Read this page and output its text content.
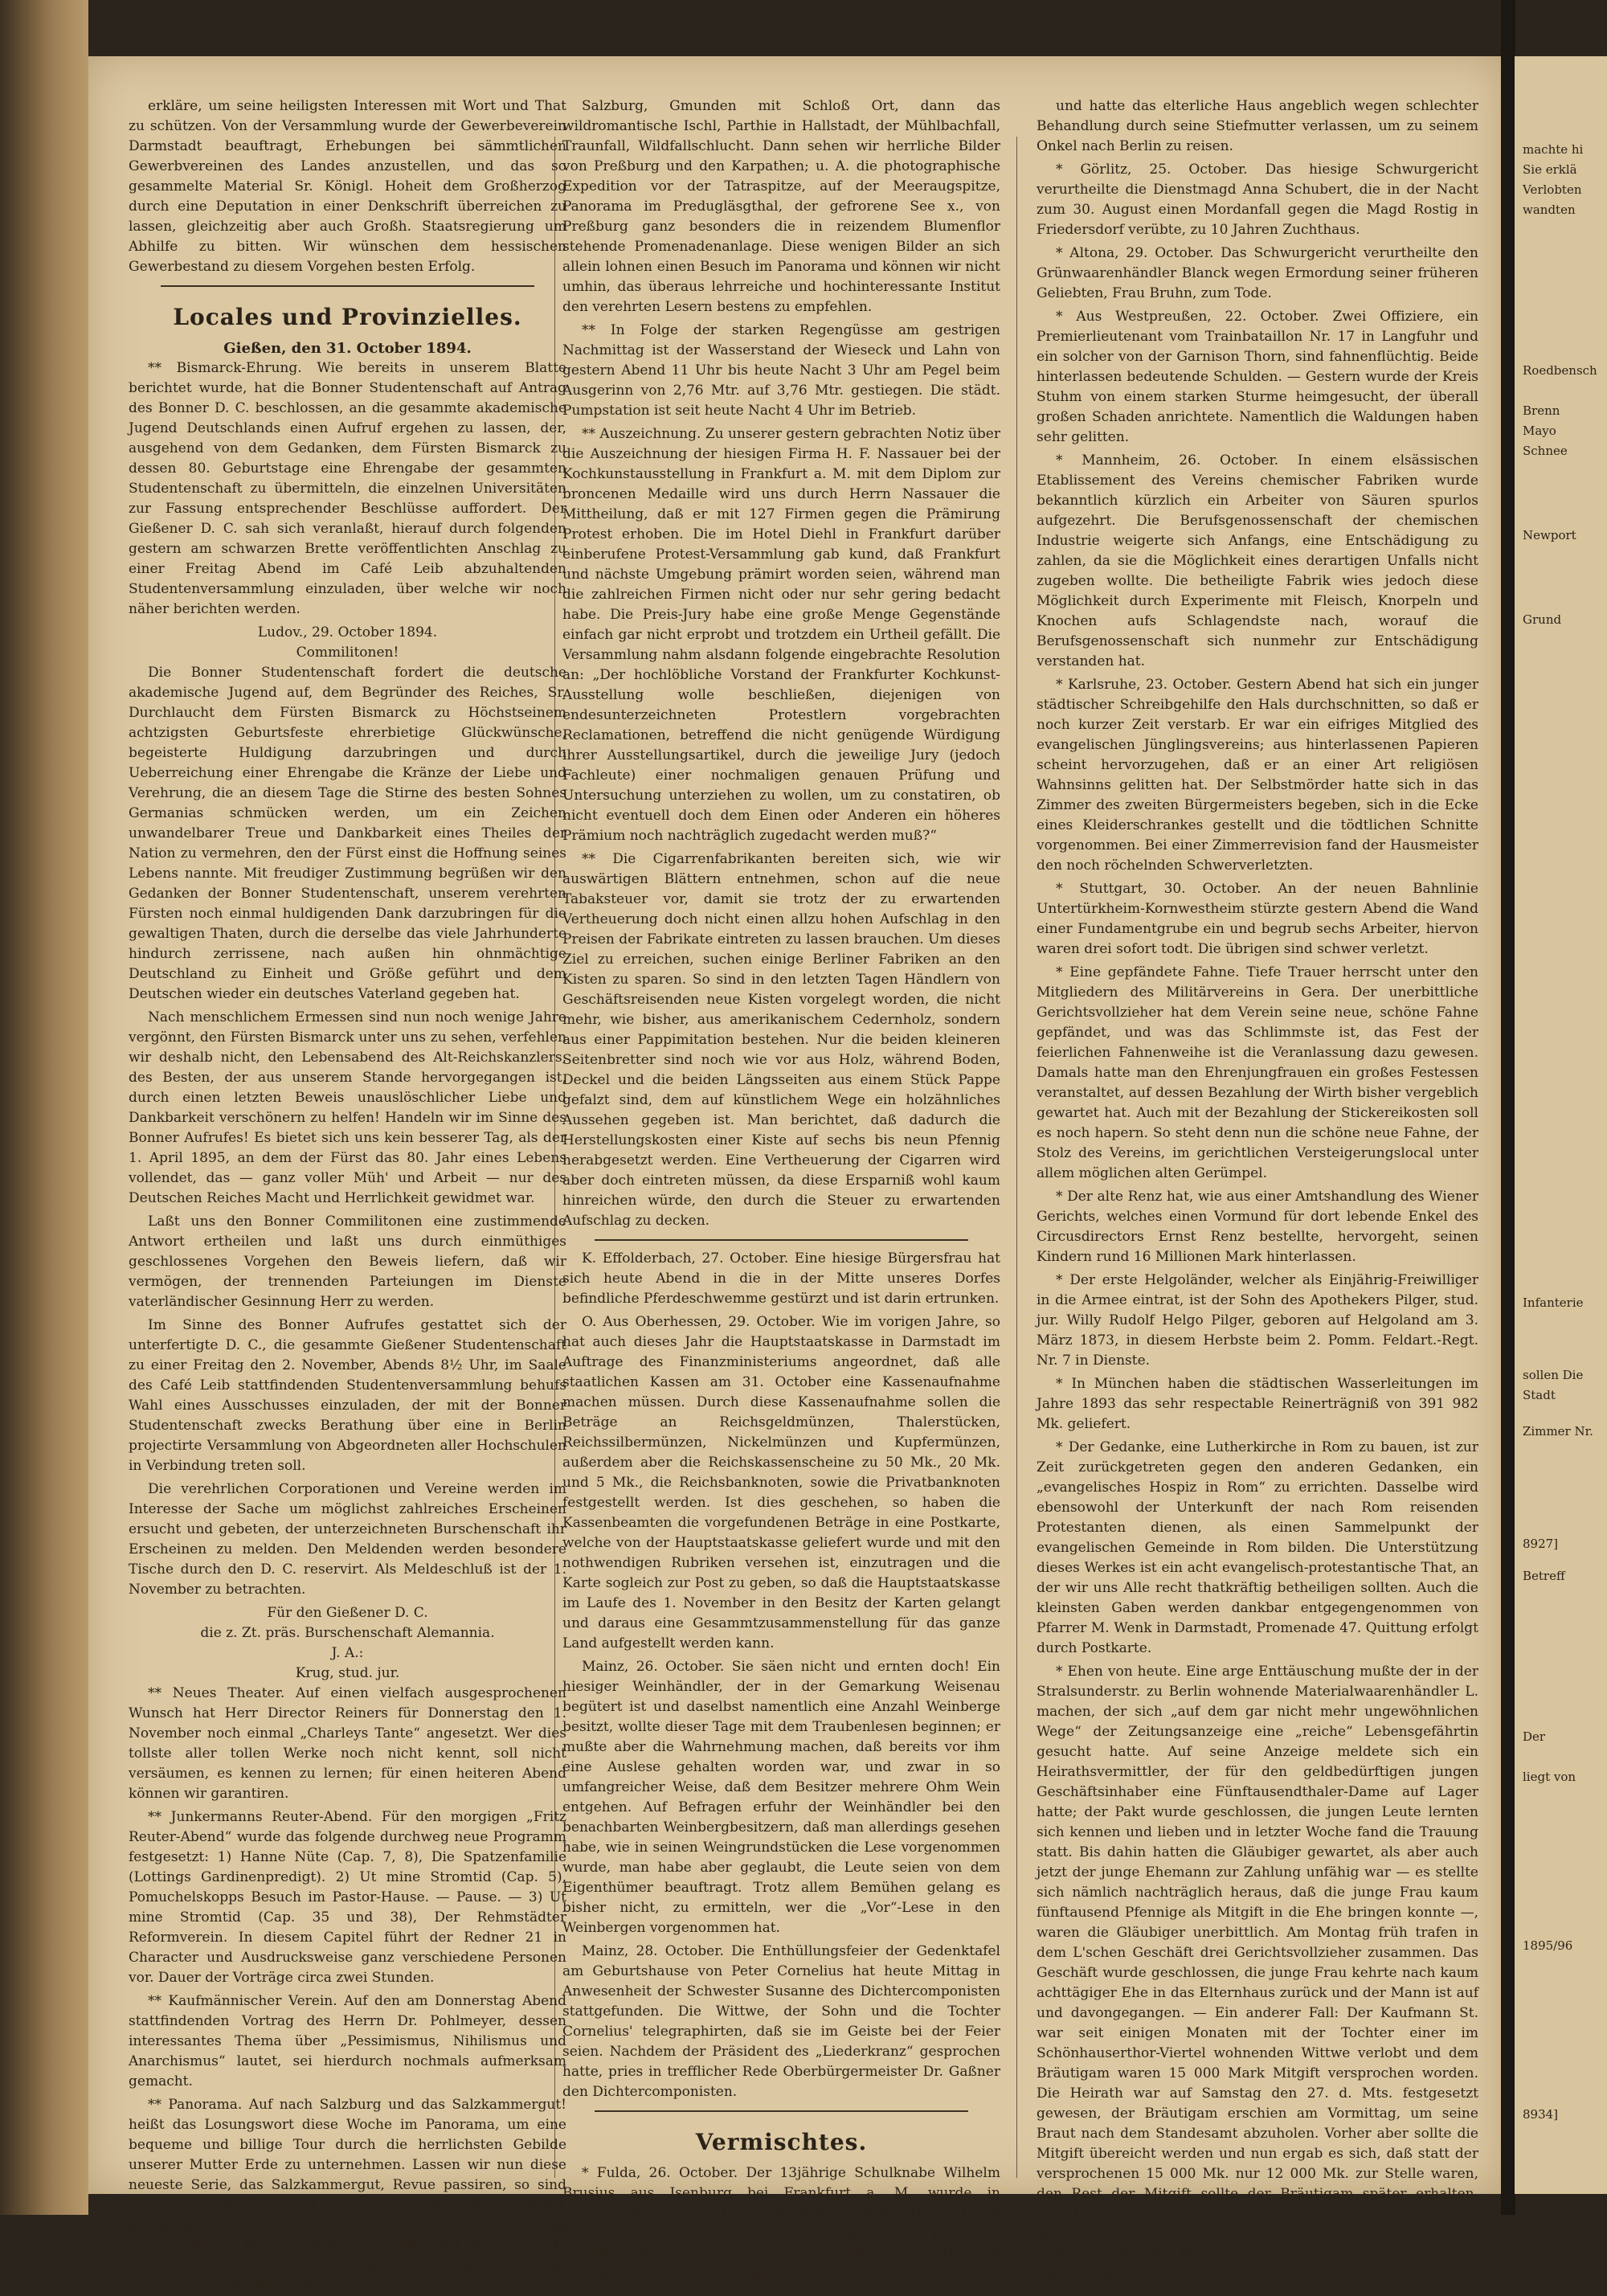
erkläre, um seine heiligsten Interessen mit Wort und That zu schützen. Von der Versammlung wurde der Gewerbeverein Darmstadt beauftragt, Erhebungen bei sämmtlichen Gewerbvereinen des Landes anzustellen, und das so gesammelte Material Sr. Königl. Hoheit dem Großherzog durch eine Deputation in einer Denkschrift überreichen zu lassen, gleichzeitig aber auch Großh. Staatsregierung um Abhilfe zu bitten. Wir wünschen dem hessischen Gewerbestand zu diesem Vorgehen besten Erfolg.

Locales und Provinzielles.
Gießen, den 31. October 1894.

** Bismarck-Ehrung. Wie bereits in unserem Blatte berichtet wurde, hat die Bonner Studentenschaft auf Antrag des Bonner D. C. beschlossen, an die gesammte akademische Jugend Deutschlands einen Aufruf ergehen zu lassen, der, ausgehend von dem Gedanken, dem Fürsten Bismarck zu dessen 80. Geburtstage eine Ehrengabe der gesammten Studentenschaft zu übermitteln, die einzelnen Universitäten zur Fassung entsprechender Beschlüsse auffordert. Der Gießener D. C. sah sich veranlaßt, hierauf durch folgenden gestern am schwarzen Brette veröffentlichten Anschlag zu einer Freitag Abend im Café Leib abzuhaltenden Studentenversammlung einzuladen, über welche wir noch näher berichten werden.

Ludov., 29. October 1894.
Commilitonen!

Die Bonner Studentenschaft fordert die deutsche akademische Jugend auf, dem Begründer des Reiches, Sr. Durchlaucht dem Fürsten Bismarck zu Höchstseinem achtzigsten Geburtsfeste ehrerbietige Glückwünsche, begeisterte Huldigung darzubringen und durch Ueberreichung einer Ehrengabe die Kränze der Liebe und Verehrung, die an diesem Tage die Stirne des besten Sohnes Germanias schmücken werden, um ein Zeichen unwandelbarer Treue und Dankbarkeit eines Theiles der Nation zu vermehren, den der Fürst einst die Hoffnung seines Lebens nannte. Mit freudiger Zustimmung begrüßen wir den Gedanken der Bonner Studentenschaft, unserem verehrten Fürsten noch einmal huldigenden Dank darzubringen für die gewaltigen Thaten, durch die derselbe das viele Jahrhunderte hindurch zerrissene, nach außen hin ohnmächtige Deutschland zu Einheit und Größe geführt und dem Deutschen wieder ein deutsches Vaterland gegeben hat.

Nach menschlichem Ermessen sind nun noch wenige Jahre vergönnt, den Fürsten Bismarck unter uns zu sehen, verfehlen wir deshalb nicht, den Lebensabend des Alt-Reichskanzlers, des Besten, der aus unserem Stande hervorgegangen ist, durch einen letzten Beweis unauslöschlicher Liebe und Dankbarkeit verschönern zu helfen! Handeln wir im Sinne des Bonner Aufrufes! Es bietet sich uns kein besserer Tag, als der 1. April 1895, an dem der Fürst das 80. Jahr eines Lebens vollendet, das — ganz voller Müh' und Arbeit — nur des Deutschen Reiches Macht und Herrlichkeit gewidmet war.

Laßt uns den Bonner Commilitonen eine zustimmende Antwort ertheilen und laßt uns durch einmüthiges geschlossenes Vorgehen den Beweis liefern, daß wir vermögen, der trennenden Parteiungen im Dienste vaterländischer Gesinnung Herr zu werden.

Im Sinne des Bonner Aufrufes gestattet sich der unterfertigte D. C., die gesammte Gießener Studentenschaft zu einer Freitag den 2. November, Abends 8½ Uhr, im Saale des Café Leib stattfindenden Studentenversammlung behufs Wahl eines Ausschusses einzuladen, der mit der Bonner Studentenschaft zwecks Berathung über eine in Berlin projectirte Versammlung von Abgeordneten aller Hochschulen in Verbindung treten soll.

Die verehrlichen Corporationen und Vereine werden im Interesse der Sache um möglichst zahlreiches Erscheinen ersucht und gebeten, der unterzeichneten Burschenschaft ihr Erscheinen zu melden. Den Meldenden werden besondere Tische durch den D. C. reservirt. Als Meldeschluß ist der 1. November zu betrachten.

Für den Gießener D. C.
die z. Zt. präs. Burschenschaft Alemannia.
J. A.:
Krug, stud. jur.

** Neues Theater. Auf einen vielfach ausgesprochenen Wunsch hat Herr Director Reiners für Donnerstag den 1. November noch einmal „Charleys Tante“ angesetzt. Wer dies tollste aller tollen Werke noch nicht kennt, soll nicht versäumen, es kennen zu lernen; für einen heiteren Abend können wir garantiren.

** Junkermanns Reuter-Abend. Für den morgigen „Fritz Reuter-Abend“ wurde das folgende durchweg neue Programm festgesetzt: 1) Hanne Nüte (Cap. 7, 8), Die Spatzenfamilie (Lottings Gardinenpredigt). 2) Ut mine Stromtid (Cap. 5), Pomuchelskopps Besuch im Pastor-Hause. — Pause. — 3) Ut mine Stromtid (Cap. 35 und 38), Der Rehmstädter Reformverein. In diesem Capitel führt der Redner 21 in Character und Ausdrucksweise ganz verschiedene Personen vor. Dauer der Vorträge circa zwei Stunden.

** Kaufmännischer Verein. Auf den am Donnerstag Abend stattfindenden Vortrag des Herrn Dr. Pohlmeyer, dessen interessantes Thema über „Pessimismus, Nihilismus und Anarchismus“ lautet, sei hierdurch nochmals aufmerksam gemacht.

** Panorama. Auf nach Salzburg und das Salzkammergut! heißt das Losungswort diese Woche im Panorama, um eine bequeme und billige Tour durch die herrlichsten Gebilde unserer Mutter Erde zu unternehmen. Lassen wir nun diese neueste Serie, das Salzkammergut, Revue passiren, so sind wir erstaunt und überrascht zugleich über die außerordentlich großartigen, wechselvollen Szenerien, die an unserem Auge vorüberziehen. Beispielsweise empfehlen wir nur folgende Bilder einer besonderen Beachtung: Die Veste Hohensalzburg, sowie die verschiedenen Ansichten von

Salzburg, Gmunden mit Schloß Ort, dann das wildromantische Ischl, Parthie in Hallstadt, der Mühlbachfall, Traunfall, Wildfallschlucht. Dann sehen wir herrliche Bilder von Preßburg und den Karpathen; u. A. die photographische Expedition vor der Tatraspitze, auf der Meeraugspitze, Panorama im Predugläsgthal, der gefrorene See x., von Preßburg ganz besonders die in reizendem Blumenflor stehende Promenadenanlage. Diese wenigen Bilder an sich allein lohnen einen Besuch im Panorama und können wir nicht umhin, das überaus lehrreiche und hochinteressante Institut den verehrten Lesern bestens zu empfehlen.

** In Folge der starken Regengüsse am gestrigen Nachmittag ist der Wasserstand der Wieseck und Lahn von gestern Abend 11 Uhr bis heute Nacht 3 Uhr am Pegel beim Ausgerinn von 2,76 Mtr. auf 3,76 Mtr. gestiegen. Die städt. Pumpstation ist seit heute Nacht 4 Uhr im Betrieb.

** Auszeichnung. Zu unserer gestern gebrachten Notiz über die Auszeichnung der hiesigen Firma H. F. Nassauer bei der Kochkunstausstellung in Frankfurt a. M. mit dem Diplom zur broncenen Medaille wird uns durch Herrn Nassauer die Mittheilung, daß er mit 127 Firmen gegen die Prämirung Protest erhoben. Die im Hotel Diehl in Frankfurt darüber einberufene Protest-Versammlung gab kund, daß Frankfurt und nächste Umgebung prämirt worden seien, während man die zahlreichen Firmen nicht oder nur sehr gering bedacht habe. Die Preis-Jury habe eine große Menge Gegenstände einfach gar nicht erprobt und trotzdem ein Urtheil gefällt. Die Versammlung nahm alsdann folgende eingebrachte Resolution an: „Der hochlöbliche Vorstand der Frankfurter Kochkunst-Ausstellung wolle beschließen, diejenigen von endesunterzeichneten Protestlern vorgebrachten Reclamationen, betreffend die nicht genügende Würdigung ihrer Ausstellungsartikel, durch die jeweilige Jury (jedoch Fachleute) einer nochmaligen genauen Prüfung und Untersuchung unterziehen zu wollen, um zu constatiren, ob nicht eventuell doch dem Einen oder Anderen ein höheres Prämium noch nachträglich zugedacht werden muß?“

** Die Cigarrenfabrikanten bereiten sich, wie wir auswärtigen Blättern entnehmen, schon auf die neue Tabaksteuer vor, damit sie trotz der zu erwartenden Vertheuerung doch nicht einen allzu hohen Aufschlag in den Preisen der Fabrikate eintreten zu lassen brauchen. Um dieses Ziel zu erreichen, suchen einige Berliner Fabriken an den Kisten zu sparen. So sind in den letzten Tagen Händlern von Geschäftsreisenden neue Kisten vorgelegt worden, die nicht mehr, wie bisher, aus amerikanischem Cedernholz, sondern aus einer Pappimitation bestehen. Nur die beiden kleineren Seitenbretter sind noch wie vor aus Holz, während Boden, Deckel und die beiden Längsseiten aus einem Stück Pappe gefalzt sind, dem auf künstlichem Wege ein holzähnliches Aussehen gegeben ist. Man berichtet, daß dadurch die Herstellungskosten einer Kiste auf sechs bis neun Pfennig herabgesetzt werden. Eine Vertheuerung der Cigarren wird aber doch eintreten müssen, da diese Ersparniß wohl kaum hinreichen würde, den durch die Steuer zu erwartenden Aufschlag zu decken.

K. Effolderbach, 27. October. Eine hiesige Bürgersfrau hat sich heute Abend in die in der Mitte unseres Dorfes befindliche Pferdeschwemme gestürzt und ist darin ertrunken.

O. Aus Oberhessen, 29. October. Wie im vorigen Jahre, so hat auch dieses Jahr die Hauptstaatskasse in Darmstadt im Auftrage des Finanzministeriums angeordnet, daß alle staatlichen Kassen am 31. October eine Kassenaufnahme machen müssen. Durch diese Kassenaufnahme sollen die Beträge an Reichsgeldmünzen, Thalerstücken, Reichssilbermünzen, Nickelmünzen und Kupfermünzen, außerdem aber die Reichskassenscheine zu 50 Mk., 20 Mk. und 5 Mk., die Reichsbanknoten, sowie die Privatbanknoten festgestellt werden. Ist dies geschehen, so haben die Kassenbeamten die vorgefundenen Beträge in eine Postkarte, welche von der Hauptstaatskasse geliefert wurde und mit den nothwendigen Rubriken versehen ist, einzutragen und die Karte sogleich zur Post zu geben, so daß die Hauptstaatskasse im Laufe des 1. November in den Besitz der Karten gelangt und daraus eine Gesammtzusammenstellung für das ganze Land aufgestellt werden kann.

Mainz, 26. October. Sie säen nicht und ernten doch! Ein hiesiger Weinhändler, der in der Gemarkung Weisenau begütert ist und daselbst namentlich eine Anzahl Weinberge besitzt, wollte dieser Tage mit dem Traubenlesen beginnen; er mußte aber die Wahrnehmung machen, daß bereits vor ihm eine Auslese gehalten worden war, und zwar in so umfangreicher Weise, daß dem Besitzer mehrere Ohm Wein entgehen. Auf Befragen erfuhr der Weinhändler bei den benachbarten Weinbergbesitzern, daß man allerdings gesehen habe, wie in seinen Weingrundstücken die Lese vorgenommen wurde, man habe aber geglaubt, die Leute seien von dem Eigenthümer beauftragt. Trotz allem Bemühen gelang es bisher nicht, zu ermitteln, wer die „Vor“-Lese in den Weinbergen vorgenommen hat.

Mainz, 28. October. Die Enthüllungsfeier der Gedenktafel am Geburtshause von Peter Cornelius hat heute Mittag in Anwesenheit der Schwester Susanne des Dichtercomponisten stattgefunden. Die Wittwe, der Sohn und die Tochter Cornelius' telegraphirten, daß sie im Geiste bei der Feier seien. Nachdem der Präsident des „Liederkranz“ gesprochen hatte, pries in trefflicher Rede Oberbürgermeister Dr. Gaßner den Dichtercomponisten.

Vermischtes.

* Fulda, 26. October. Der 13jährige Schulknabe Wilhelm Brusius aus Isenburg bei Frankfurt a. M. wurde in vergangener Nacht auf einer Bremse des Schnellzuges 1 von Frankfurt a. M. sitzend, auf hiesiger Station ohne Fahrkarte betroffen, ausgesetzt und einstweilen im hl. Geist-Hospital untergebracht. Der Knabe war mittellos

und hatte das elterliche Haus angeblich wegen schlechter Behandlung durch seine Stiefmutter verlassen, um zu seinem Onkel nach Berlin zu reisen.

* Görlitz, 25. October. Das hiesige Schwurgericht verurtheilte die Dienstmagd Anna Schubert, die in der Nacht zum 30. August einen Mordanfall gegen die Magd Rostig in Friedersdorf verübte, zu 10 Jahren Zuchthaus.

* Altona, 29. October. Das Schwurgericht verurtheilte den Grünwaarenhändler Blanck wegen Ermordung seiner früheren Geliebten, Frau Bruhn, zum Tode.

* Aus Westpreußen, 22. October. Zwei Offiziere, ein Premierlieutenant vom Trainbataillon Nr. 17 in Langfuhr und ein solcher von der Garnison Thorn, sind fahnenflüchtig. Beide hinterlassen bedeutende Schulden. — Gestern wurde der Kreis Stuhm von einem starken Sturme heimgesucht, der überall großen Schaden anrichtete. Namentlich die Waldungen haben sehr gelitten.

* Mannheim, 26. October. In einem elsässischen Etablissement des Vereins chemischer Fabriken wurde bekanntlich kürzlich ein Arbeiter von Säuren spurlos aufgezehrt. Die Berufsgenossenschaft der chemischen Industrie weigerte sich Anfangs, eine Entschädigung zu zahlen, da sie die Möglichkeit eines derartigen Unfalls nicht zugeben wollte. Die betheiligte Fabrik wies jedoch diese Möglichkeit durch Experimente mit Fleisch, Knorpeln und Knochen aufs Schlagendste nach, worauf die Berufsgenossenschaft sich nunmehr zur Entschädigung verstanden hat.

* Karlsruhe, 23. October. Gestern Abend hat sich ein junger städtischer Schreibgehilfe den Hals durchschnitten, so daß er noch kurzer Zeit verstarb. Er war ein eifriges Mitglied des evangelischen Jünglingsvereins; aus hinterlassenen Papieren scheint hervorzugehen, daß er an einer Art religiösen Wahnsinns gelitten hat. Der Selbstmörder hatte sich in das Zimmer des zweiten Bürgermeisters begeben, sich in die Ecke eines Kleiderschrankes gestellt und die tödtlichen Schnitte vorgenommen. Bei einer Zimmerrevision fand der Hausmeister den noch röchelnden Schwerverletzten.

* Stuttgart, 30. October. An der neuen Bahnlinie Untertürkheim-Kornwestheim stürzte gestern Abend die Wand einer Fundamentgrube ein und begrub sechs Arbeiter, hiervon waren drei sofort todt. Die übrigen sind schwer verletzt.

* Eine gepfändete Fahne. Tiefe Trauer herrscht unter den Mitgliedern des Militärvereins in Gera. Der unerbittliche Gerichtsvollzieher hat dem Verein seine neue, schöne Fahne gepfändet, und was das Schlimmste ist, das Fest der feierlichen Fahnenweihe ist die Veranlassung dazu gewesen. Damals hatte man den Ehrenjungfrauen ein großes Festessen veranstaltet, auf dessen Bezahlung der Wirth bisher vergeblich gewartet hat. Auch mit der Bezahlung der Stickereikosten soll es noch hapern. So steht denn nun die schöne neue Fahne, der Stolz des Vereins, im gerichtlichen Versteigerungslocal unter allem möglichen alten Gerümpel.

* Der alte Renz hat, wie aus einer Amtshandlung des Wiener Gerichts, welches einen Vormund für dort lebende Enkel des Circusdirectors Ernst Renz bestellte, hervorgeht, seinen Kindern rund 16 Millionen Mark hinterlassen.

* Der erste Helgoländer, welcher als Einjährig-Freiwilliger in die Armee eintrat, ist der Sohn des Apothekers Pilger, stud. jur. Willy Rudolf Helgo Pilger, geboren auf Helgoland am 3. März 1873, in diesem Herbste beim 2. Pomm. Feldart.-Regt. Nr. 7 in Dienste.

* In München haben die städtischen Wasserleitungen im Jahre 1893 das sehr respectable Reinerträgniß von 391 982 Mk. geliefert.

* Der Gedanke, eine Lutherkirche in Rom zu bauen, ist zur Zeit zurückgetreten gegen den anderen Gedanken, ein „evangelisches Hospiz in Rom“ zu errichten. Dasselbe wird ebensowohl der Unterkunft der nach Rom reisenden Protestanten dienen, als einen Sammelpunkt der evangelischen Gemeinde in Rom bilden. Die Unterstützung dieses Werkes ist ein acht evangelisch-protestantische That, an der wir uns Alle recht thatkräftig betheiligen sollten. Auch die kleinsten Gaben werden dankbar entgegengenommen von Pfarrer M. Wenk in Darmstadt, Promenade 47. Quittung erfolgt durch Postkarte.

* Ehen von heute. Eine arge Enttäuschung mußte der in der Stralsunderstr. zu Berlin wohnende Materialwaarenhändler L. machen, der sich „auf dem gar nicht mehr ungewöhnlichen Wege“ der Zeitungsanzeige eine „reiche“ Lebensgefährtin gesucht hatte. Auf seine Anzeige meldete sich ein Heirathsvermittler, der für den geldbedürftigen jungen Geschäftsinhaber eine Fünftausendthaler-Dame auf Lager hatte; der Pakt wurde geschlossen, die jungen Leute lernten sich kennen und lieben und in letzter Woche fand die Trauung statt. Bis dahin hatten die Gläubiger gewartet, als aber auch jetzt der junge Ehemann zur Zahlung unfähig war — es stellte sich nämlich nachträglich heraus, daß die junge Frau kaum fünftausend Pfennige als Mitgift in die Ehe bringen konnte —, waren die Gläubiger unerbittlich. Am Montag früh trafen in dem L'schen Geschäft drei Gerichtsvollzieher zusammen. Das Geschäft wurde geschlossen, die junge Frau kehrte nach kaum achttägiger Ehe in das Elternhaus zurück und der Mann ist auf und davongegangen. — Ein anderer Fall: Der Kaufmann St. war seit einigen Monaten mit der Tochter einer im Schönhauserthor-Viertel wohnenden Wittwe verlobt und dem Bräutigam waren 15 000 Mark Mitgift versprochen worden. Die Heirath war auf Samstag den 27. d. Mts. festgesetzt gewesen, der Bräutigam erschien am Vormittag, um seine Braut nach dem Standesamt abzuholen. Vorher aber sollte die Mitgift übereicht werden und nun ergab es sich, daß statt der versprochenen 15 000 Mk. nur 12 000 Mk. zur Stelle waren, den Rest der Mitgift sollte der Bräutigam später erhalten. Damit war derselbe jedoch nicht einverstanden und er erklärte, nicht eher den Weg zum Standesamt antreten zu wollen, bis die „drei Mille“ auf dem Tisch lägen. Der peinlichen Geschichte

machte hi
Sie erklä
Verlobten
wandten
Roedbensch
Brenn
Mayo
Schnee
Newport
Grund
Infanterie
sollen Die
Stadt
Zimmer Nr.
8927]
Betreff
liegt von
Der
1895/96
8934]
